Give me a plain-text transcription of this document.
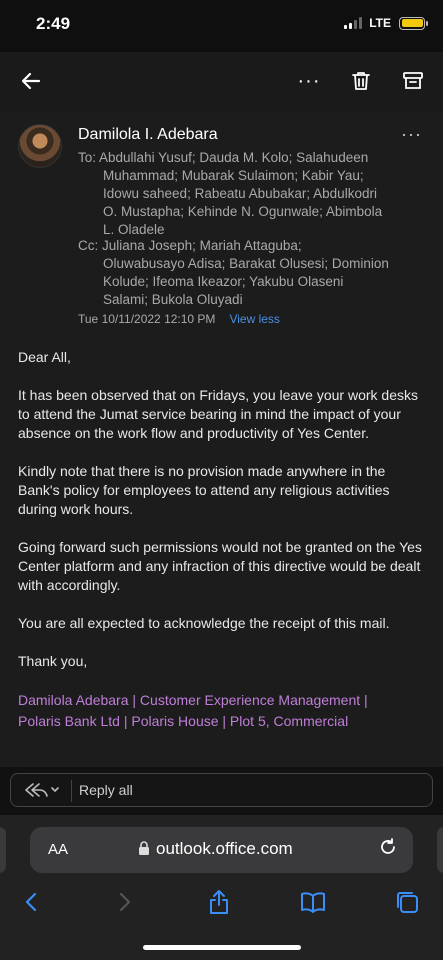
2:49	LTE
···
Damilola I. Adebara	···
To: Abdullahi Yusuf; Dauda M. Kolo; Salahudeen
Muhammad; Mubarak Sulaimon; Kabir Yau;
Idowu saheed; Rabeatu Abubakar; Abdulkodri
O. Mustapha; Kehinde N. Ogunwale; Abimbola
L. Oladele
Cc: Juliana Joseph; Mariah Attaguba;
Oluwabusayo Adisa; Barakat Olusesi; Dominion
Kolude; Ifeoma Ikeazor; Yakubu Olaseni
Salami; Bukola Oluyadi
Tue 10/11/2022 12:10 PM View less

Dear All,

It has been observed that on Fridays, you leave your work desks to attend the Jumat service bearing in mind the impact of your absence on the work flow and productivity of Yes Center.

Kindly note that there is no provision made anywhere in the Bank's policy for employees to attend any religious activities during work hours.

Going forward such permissions would not be granted on the Yes Center platform and any infraction of this directive would be dealt with accordingly.

You are all expected to acknowledge the receipt of this mail.

Thank you,

Damilola Adebara | Customer Experience Management |
Polaris Bank Ltd | Polaris House | Plot 5, Commercial
Reply all
AA	outlook.office.com
